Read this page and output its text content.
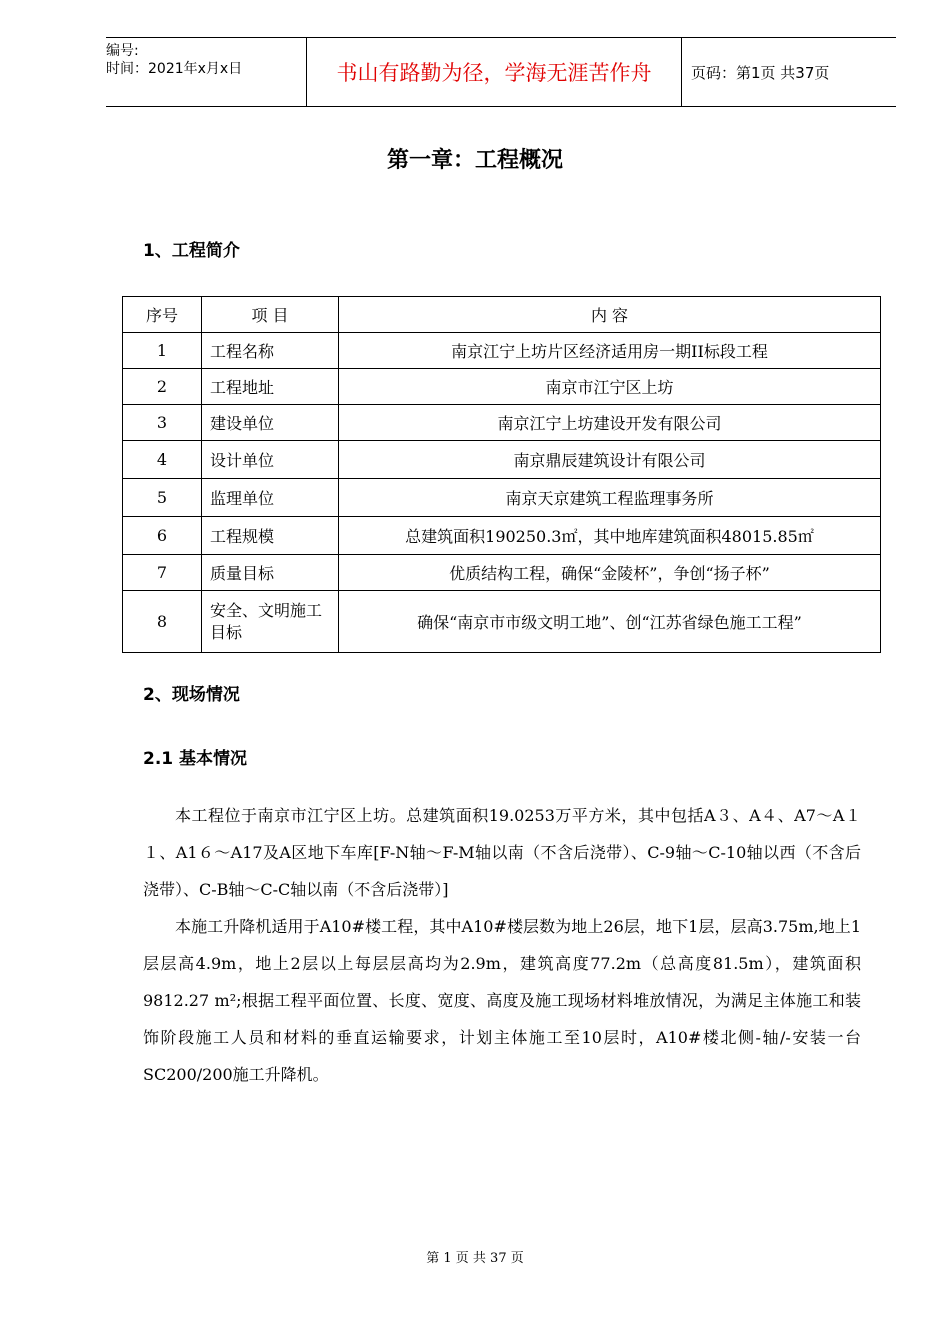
编号:
时间：2021年x月x日	书山有路勤为径，学海无涯苦作舟	页码：第1页 共37页
第一章：工程概况
1、工程简介
序号	项 目	内 容
1	工程名称	南京江宁上坊片区经济适用房一期II标段工程
2	工程地址	南京市江宁区上坊
3	建设单位	南京江宁上坊建设开发有限公司
4	设计单位	南京鼎辰建筑设计有限公司
5	监理单位	南京天京建筑工程监理事务所
6	工程规模	总建筑面积190250.3㎡，其中地库建筑面积48015.85㎡
7	质量目标	优质结构工程，确保“金陵杯”，争创“扬子杯”
8	安全、文明施工目标	确保“南京市市级文明工地”、创“江苏省绿色施工工程”
2、现场情况
2.1 基本情况
本工程位于南京市江宁区上坊。总建筑面积19.0253万平方米，其中包括A３、A４、A7～A１１、A1６～A17及A区地下车库[F-N轴～F-M轴以南（不含后浇带）、C-9轴～C-10轴以西（不含后浇带）、C-B轴～C-C轴以南（不含后浇带）]
本施工升降机适用于A10#楼工程，其中A10#楼层数为地上26层，地下1层，层高3.75m,地上1层层高4.9m，地上2层以上每层层高均为2.9m，建筑高度77.2m（总高度81.5m），建筑面积9812.27 m²;根据工程平面位置、长度、宽度、高度及施工现场材料堆放情况，为满足主体施工和装饰阶段施工人员和材料的垂直运输要求，计划主体施工至10层时，A10#楼北侧-轴/-安装一台SC200/200施工升降机。
第 1 页 共 37 页
